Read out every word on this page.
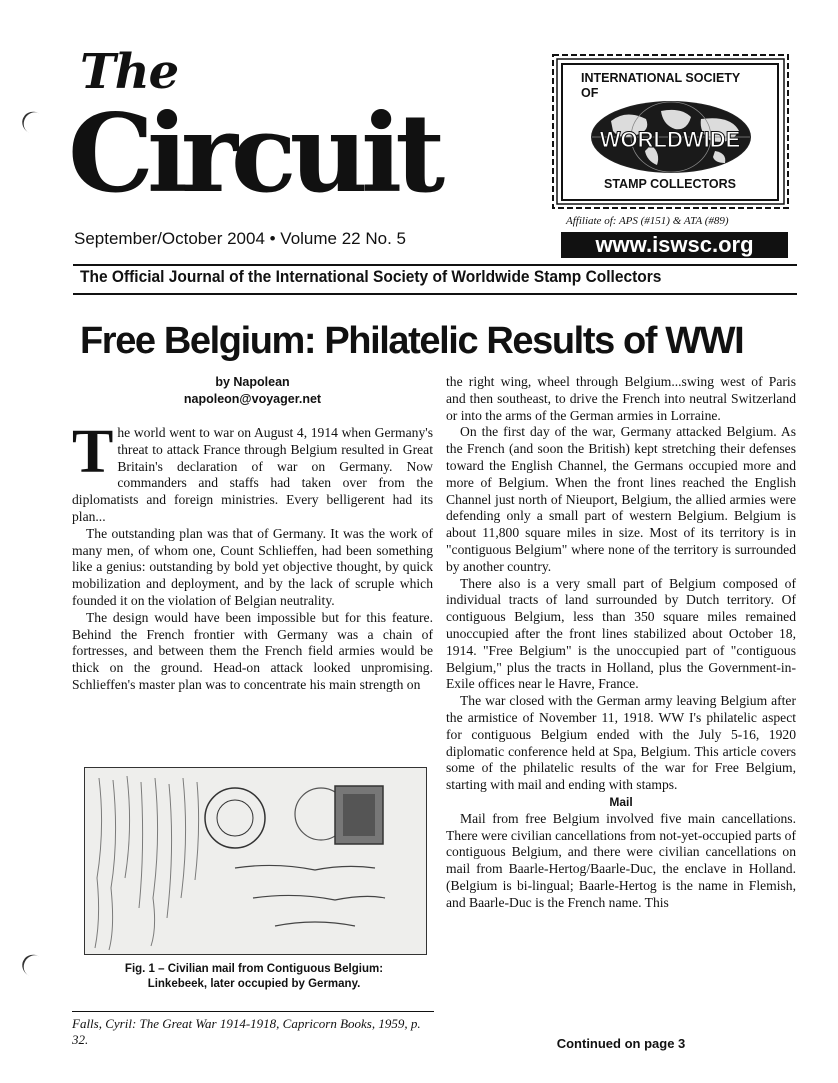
The
Circuit
September/October 2004 • Volume 22 No. 5
INTERNATIONAL SOCIETY
OF
WORLDWIDE
STAMP COLLECTORS
Affiliate of: APS (#151) & ATA (#89)
www.iswsc.org
The Official Journal of the International Society of Worldwide Stamp Collectors
Free Belgium: Philatelic Results of WWI
by Napolean
napoleon@voyager.net

The world went to war on August 4, 1914 when Germany's threat to attack France through Belgium resulted in Great Britain's declaration of war on Germany. Now commanders and staffs had taken over from the diplomatists and foreign ministries. Every belligerent had its plan...

The outstanding plan was that of Germany. It was the work of many men, of whom one, Count Schlieffen, had been something like a genius: outstanding by bold yet objective thought, by quick mobilization and deployment, and by the lack of scruple which founded it on the violation of Belgian neutrality.

The design would have been impossible but for this feature. Behind the French frontier with Germany was a chain of fortresses, and between them the French field armies would be thick on the ground. Head-on attack looked unpromising. Schlieffen's master plan was to concentrate his main strength on

Fig. 1 – Civilian mail from Contiguous Belgium:
Linkebeek, later occupied by Germany.
Falls, Cyril: The Great War 1914-1918, Capricorn Books, 1959, p. 32.

the right wing, wheel through Belgium...swing west of Paris and then southeast, to drive the French into neutral Switzerland or into the arms of the German armies in Lorraine.

On the first day of the war, Germany attacked Belgium. As the French (and soon the British) kept stretching their defenses toward the English Channel, the Germans occupied more and more of Belgium. When the front lines reached the English Channel just north of Nieuport, Belgium, the allied armies were defending only a small part of western Belgium. Belgium is about 11,800 square miles in size. Most of its territory is in "contiguous Belgium" where none of the territory is surrounded by another country.

There also is a very small part of Belgium composed of individual tracts of land surrounded by Dutch territory. Of contiguous Belgium, less than 350 square miles remained unoccupied after the front lines stabilized about October 18, 1914. "Free Belgium" is the unoccupied part of "contiguous Belgium," plus the tracts in Holland, plus the Government-in-Exile offices near le Havre, France.

The war closed with the German army leaving Belgium after the armistice of November 11, 1918. WW I's philatelic aspect for contiguous Belgium ended with the July 5-16, 1920 diplomatic conference held at Spa, Belgium. This article covers some of the philatelic results of the war for Free Belgium, starting with mail and ending with stamps.

Mail

Mail from free Belgium involved five main cancellations. There were civilian cancellations from not-yet-occupied parts of contiguous Belgium, and there were civilian cancellations on mail from Baarle-Hertog/Baarle-Duc, the enclave in Holland. (Belgium is bi-lingual; Baarle-Hertog is the name in Flemish, and Baarle-Duc is the French name. This

Continued on page 3
